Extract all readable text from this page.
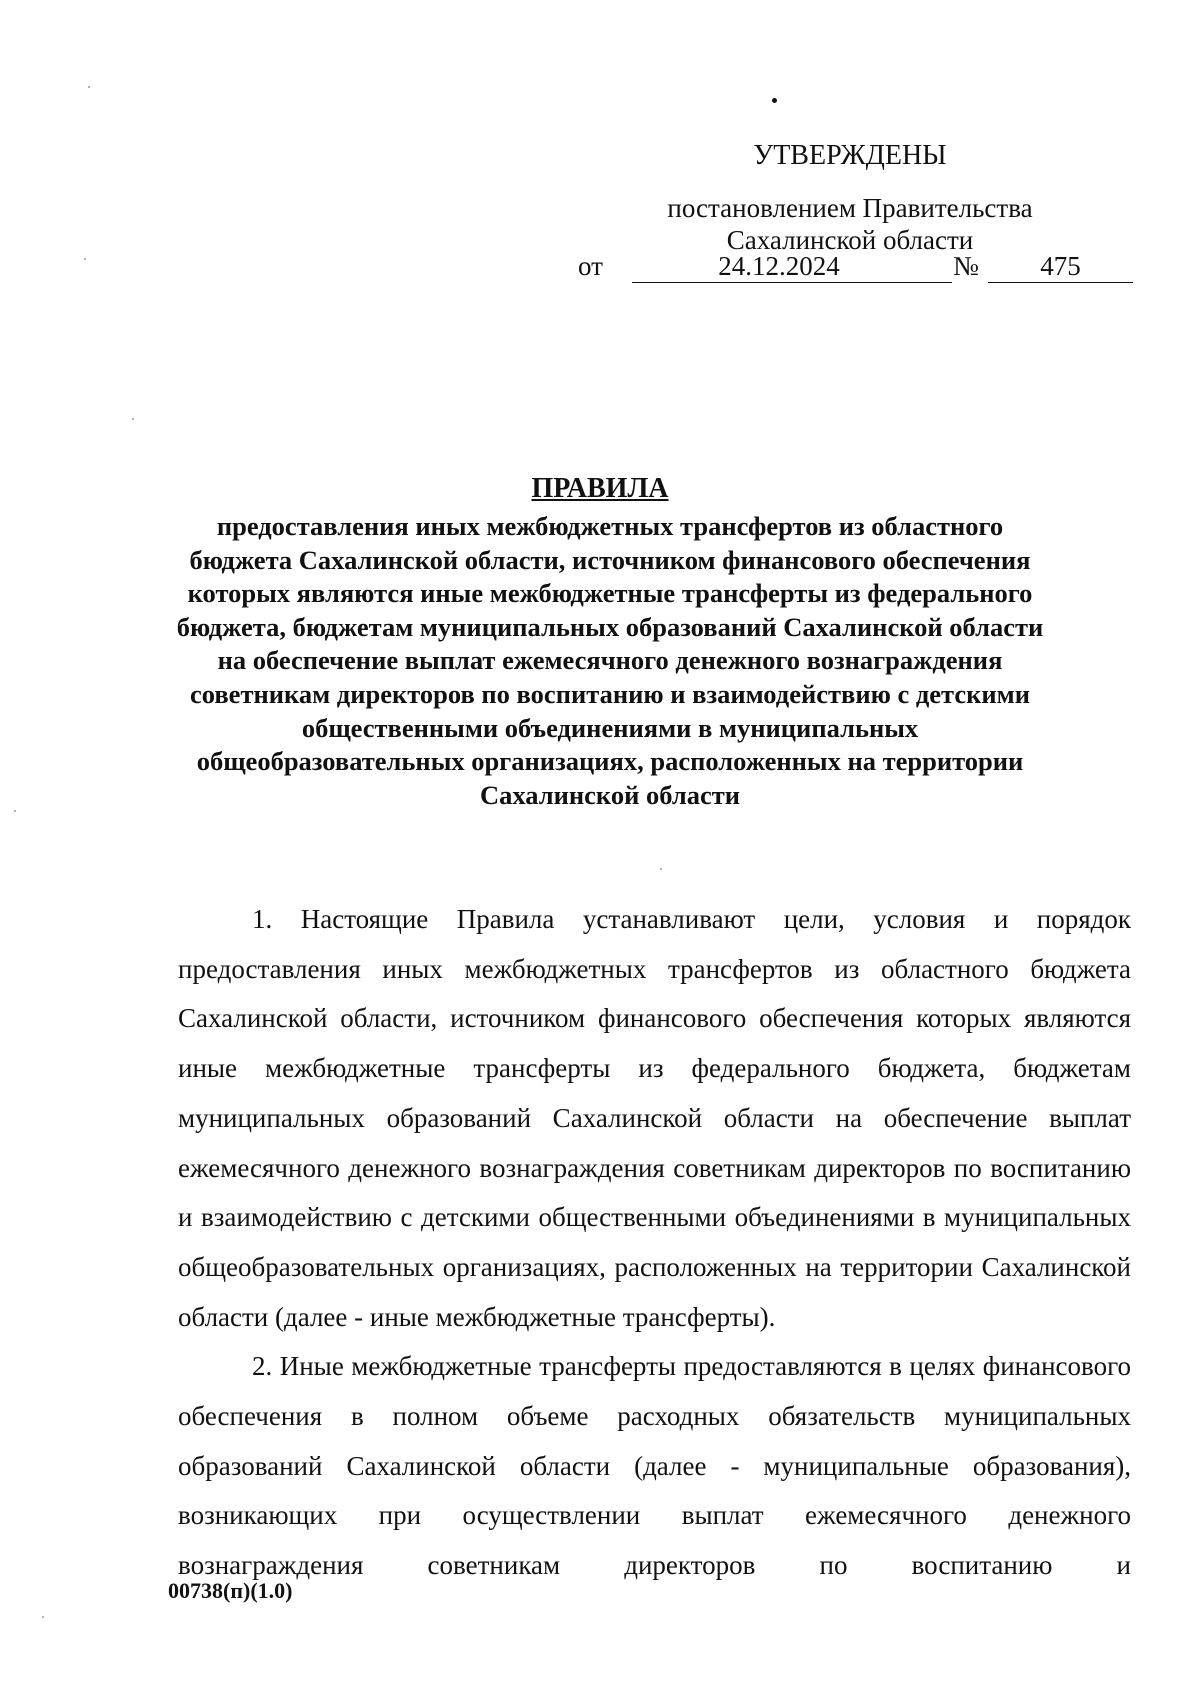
УТВЕРЖДЕНЫ
постановлением Правительства
Сахалинской области
от	24.12.2024	№	475
ПРАВИЛА
предоставления иных межбюджетных трансфертов из областного бюджета Сахалинской области, источником финансового обеспечения которых являются иные межбюджетные трансферты из федерального бюджета, бюджетам муниципальных образований Сахалинской области на обеспечение выплат ежемесячного денежного вознаграждения советникам директоров по воспитанию и взаимодействию с детскими общественными объединениями в муниципальных общеобразовательных организациях, расположенных на территории Сахалинской области

1. Настоящие Правила устанавливают цели, условия и порядок предоставления иных межбюджетных трансфертов из областного бюджета Сахалинской области, источником финансового обеспечения которых являются иные межбюджетные трансферты из федерального бюджета, бюджетам муниципальных образований Сахалинской области на обеспечение выплат ежемесячного денежного вознаграждения советникам директоров по воспитанию и взаимодействию с детскими общественными объединениями в муниципальных общеобразовательных организациях, расположенных на территории Сахалинской области (далее - иные межбюджетные трансферты).

2. Иные межбюджетные трансферты предоставляются в целях финансового обеспечения в полном объеме расходных обязательств муниципальных образований Сахалинской области (далее - муниципальные образования), возникающих при осуществлении выплат ежемесячного денежного вознаграждения советникам директоров по воспитанию и

00738(п)(1.0)
